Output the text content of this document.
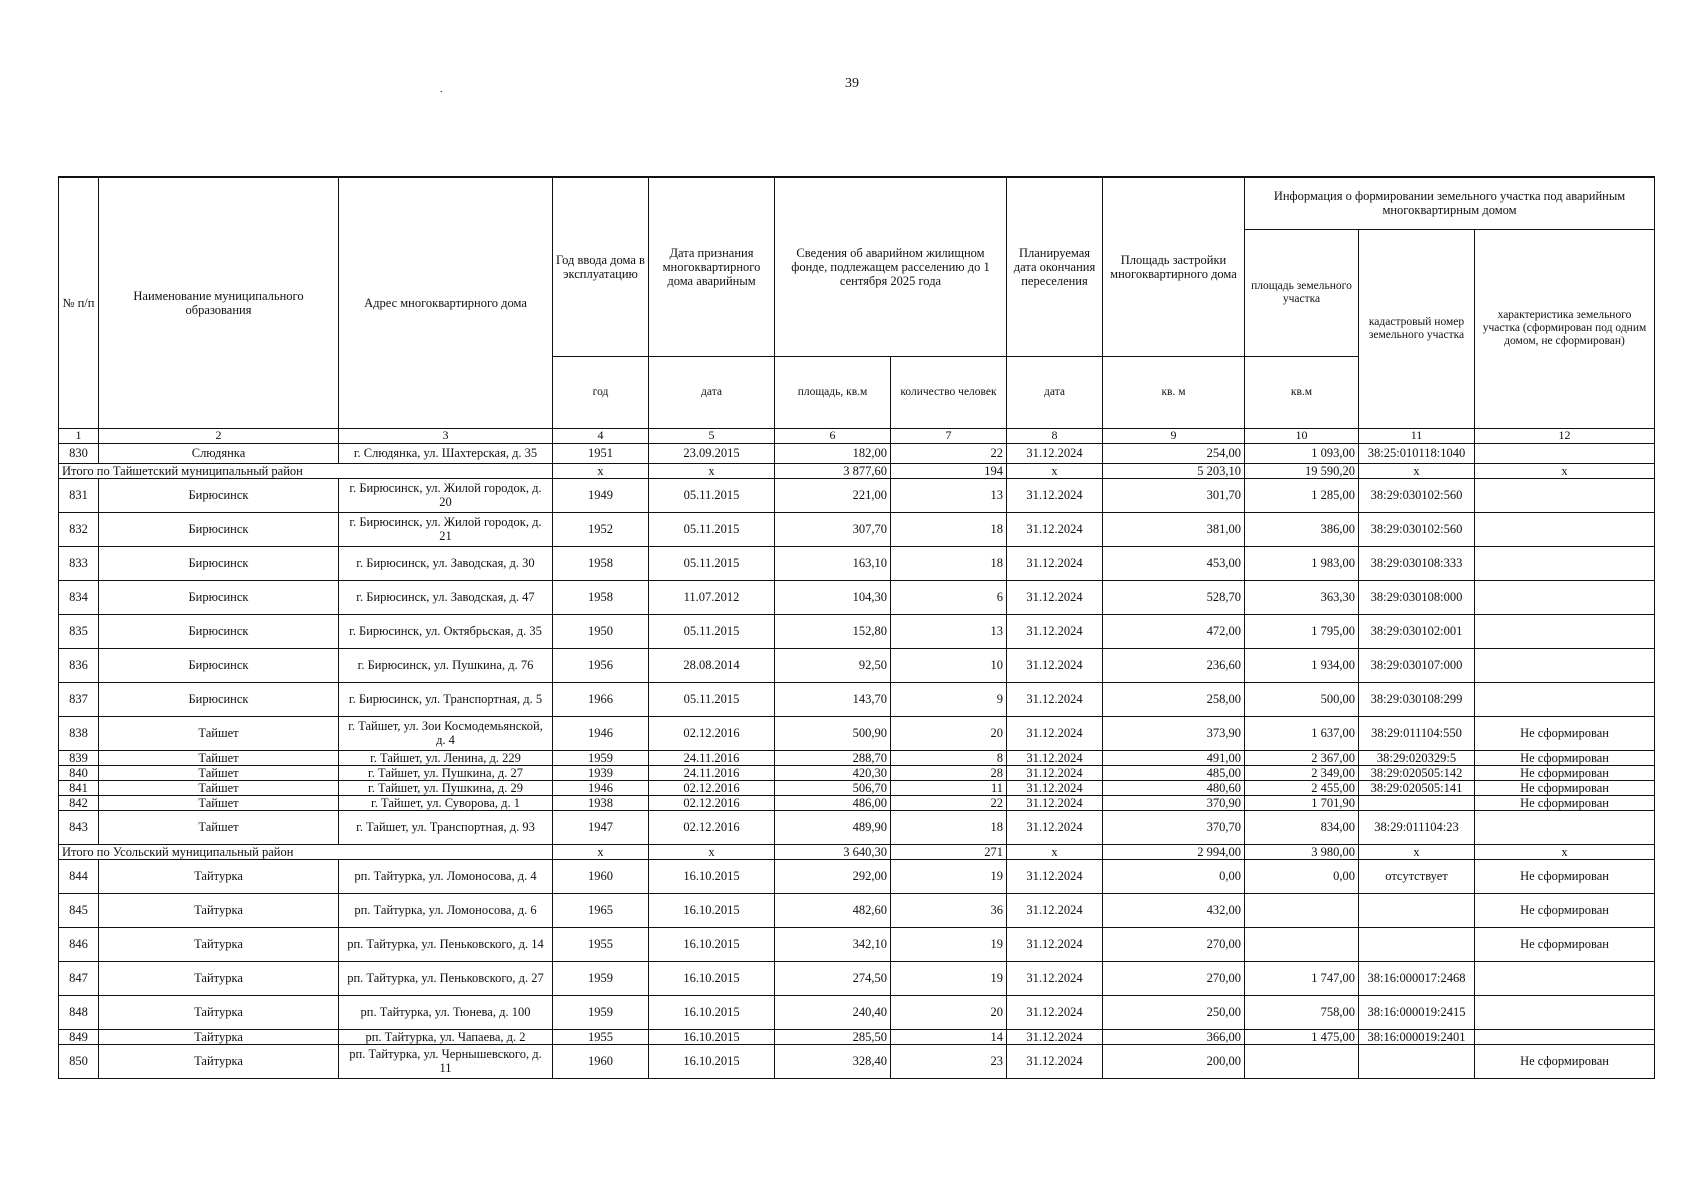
39
.
№ п/п	Наименование муниципального образования	Адрес многоквартирного дома	Год ввода дома в эксплуатацию	Дата признания многоквартирного дома аварийным	Сведения об аварийном жилищном фонде, подлежащем расселению до 1 сентября 2025 года		Планируемая дата окончания переселения	Площадь застройки многоквартирного дома	Информация о формировании земельного участка под аварийным многоквартирным домом		
									площадь земельного участка	кадастровый номер земельного участка	характеристика земельного участка (сформирован под одним домом, не сформирован)
			год	дата	площадь, кв.м	количество человек	дата	кв. м	кв.м		
1	2	3	4	5	6	7	8	9	10	11	12
830	Слюдянка	г. Слюдянка, ул. Шахтерская, д. 35	1951	23.09.2015	182,00	22	31.12.2024	254,00	1 093,00	38:25:010118:1040	
Итого по Тайшетский муниципальный район			x	x	3 877,60	194	x	5 203,10	19 590,20	x	x
831	Бирюсинск	г. Бирюсинск, ул. Жилой городок, д. 20	1949	05.11.2015	221,00	13	31.12.2024	301,70	1 285,00	38:29:030102:560	
832	Бирюсинск	г. Бирюсинск, ул. Жилой городок, д. 21	1952	05.11.2015	307,70	18	31.12.2024	381,00	386,00	38:29:030102:560	
833	Бирюсинск	г. Бирюсинск, ул. Заводская, д. 30	1958	05.11.2015	163,10	18	31.12.2024	453,00	1 983,00	38:29:030108:333	
834	Бирюсинск	г. Бирюсинск, ул. Заводская, д. 47	1958	11.07.2012	104,30	6	31.12.2024	528,70	363,30	38:29:030108:000	
835	Бирюсинск	г. Бирюсинск, ул. Октябрьская, д. 35	1950	05.11.2015	152,80	13	31.12.2024	472,00	1 795,00	38:29:030102:001	
836	Бирюсинск	г. Бирюсинск, ул. Пушкина, д. 76	1956	28.08.2014	92,50	10	31.12.2024	236,60	1 934,00	38:29:030107:000	
837	Бирюсинск	г. Бирюсинск, ул. Транспортная, д. 5	1966	05.11.2015	143,70	9	31.12.2024	258,00	500,00	38:29:030108:299	
838	Тайшет	г. Тайшет, ул. Зои Космодемьянской, д. 4	1946	02.12.2016	500,90	20	31.12.2024	373,90	1 637,00	38:29:011104:550	Не сформирован
839	Тайшет	г. Тайшет, ул. Ленина, д. 229	1959	24.11.2016	288,70	8	31.12.2024	491,00	2 367,00	38:29:020329:5	Не сформирован
840	Тайшет	г. Тайшет, ул. Пушкина, д. 27	1939	24.11.2016	420,30	28	31.12.2024	485,00	2 349,00	38:29:020505:142	Не сформирован
841	Тайшет	г. Тайшет, ул. Пушкина, д. 29	1946	02.12.2016	506,70	11	31.12.2024	480,60	2 455,00	38:29:020505:141	Не сформирован
842	Тайшет	г. Тайшет, ул. Суворова, д. 1	1938	02.12.2016	486,00	22	31.12.2024	370,90	1 701,90		Не сформирован
843	Тайшет	г. Тайшет, ул. Транспортная, д. 93	1947	02.12.2016	489,90	18	31.12.2024	370,70	834,00	38:29:011104:23	
Итого по Усольский муниципальный район			x	x	3 640,30	271	x	2 994,00	3 980,00	x	x
844	Тайтурка	рп. Тайтурка, ул. Ломоносова, д. 4	1960	16.10.2015	292,00	19	31.12.2024	0,00	0,00	отсутствует	Не сформирован
845	Тайтурка	рп. Тайтурка, ул. Ломоносова, д. 6	1965	16.10.2015	482,60	36	31.12.2024	432,00			Не сформирован
846	Тайтурка	рп. Тайтурка, ул. Пеньковского, д. 14	1955	16.10.2015	342,10	19	31.12.2024	270,00			Не сформирован
847	Тайтурка	рп. Тайтурка, ул. Пеньковского, д. 27	1959	16.10.2015	274,50	19	31.12.2024	270,00	1 747,00	38:16:000017:2468	
848	Тайтурка	рп. Тайтурка, ул. Тюнева, д. 100	1959	16.10.2015	240,40	20	31.12.2024	250,00	758,00	38:16:000019:2415	
849	Тайтурка	рп. Тайтурка, ул. Чапаева, д. 2	1955	16.10.2015	285,50	14	31.12.2024	366,00	1 475,00	38:16:000019:2401	
850	Тайтурка	рп. Тайтурка, ул. Чернышевского, д. 11	1960	16.10.2015	328,40	23	31.12.2024	200,00			Не сформирован
